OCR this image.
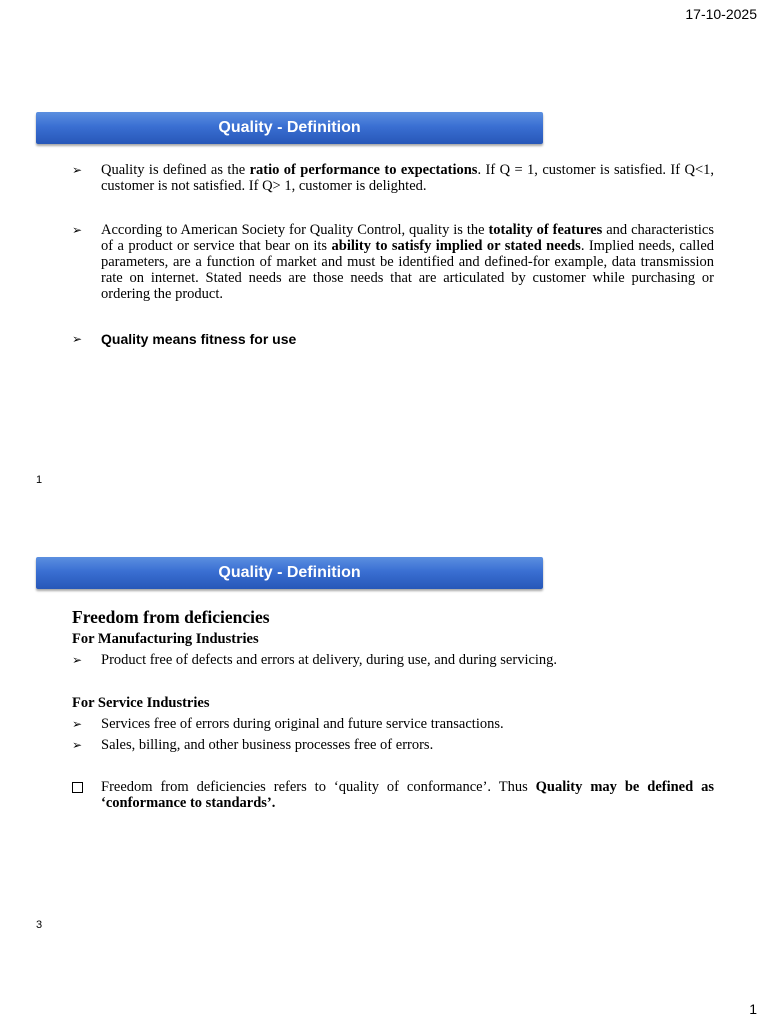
17-10-2025
Quality - Definition
➢	Quality is defined as the ratio of performance to expectations. If Q = 1, customer is satisfied. If Q<1, customer is not satisfied. If Q> 1, customer is delighted.
➢	According to American Society for Quality Control, quality is the totality of features and characteristics of a product or service that bear on its ability to satisfy implied or stated needs. Implied needs, called parameters, are a function of market and must be identified and defined-for example, data transmission rate on internet. Stated needs are those needs that are articulated by customer while purchasing or ordering the product.
➢	Quality means fitness for use
1
Quality - Definition
Freedom from deficiencies
For Manufacturing Industries
➢	Product free of defects and errors at delivery, during use, and during servicing.
For Service Industries
➢	Services free of errors during original and future service transactions.
➢	Sales, billing, and other business processes free of errors.
Freedom from deficiencies refers to ‘quality of conformance’. Thus Quality may be defined as ‘conformance to standards’.
3
1
